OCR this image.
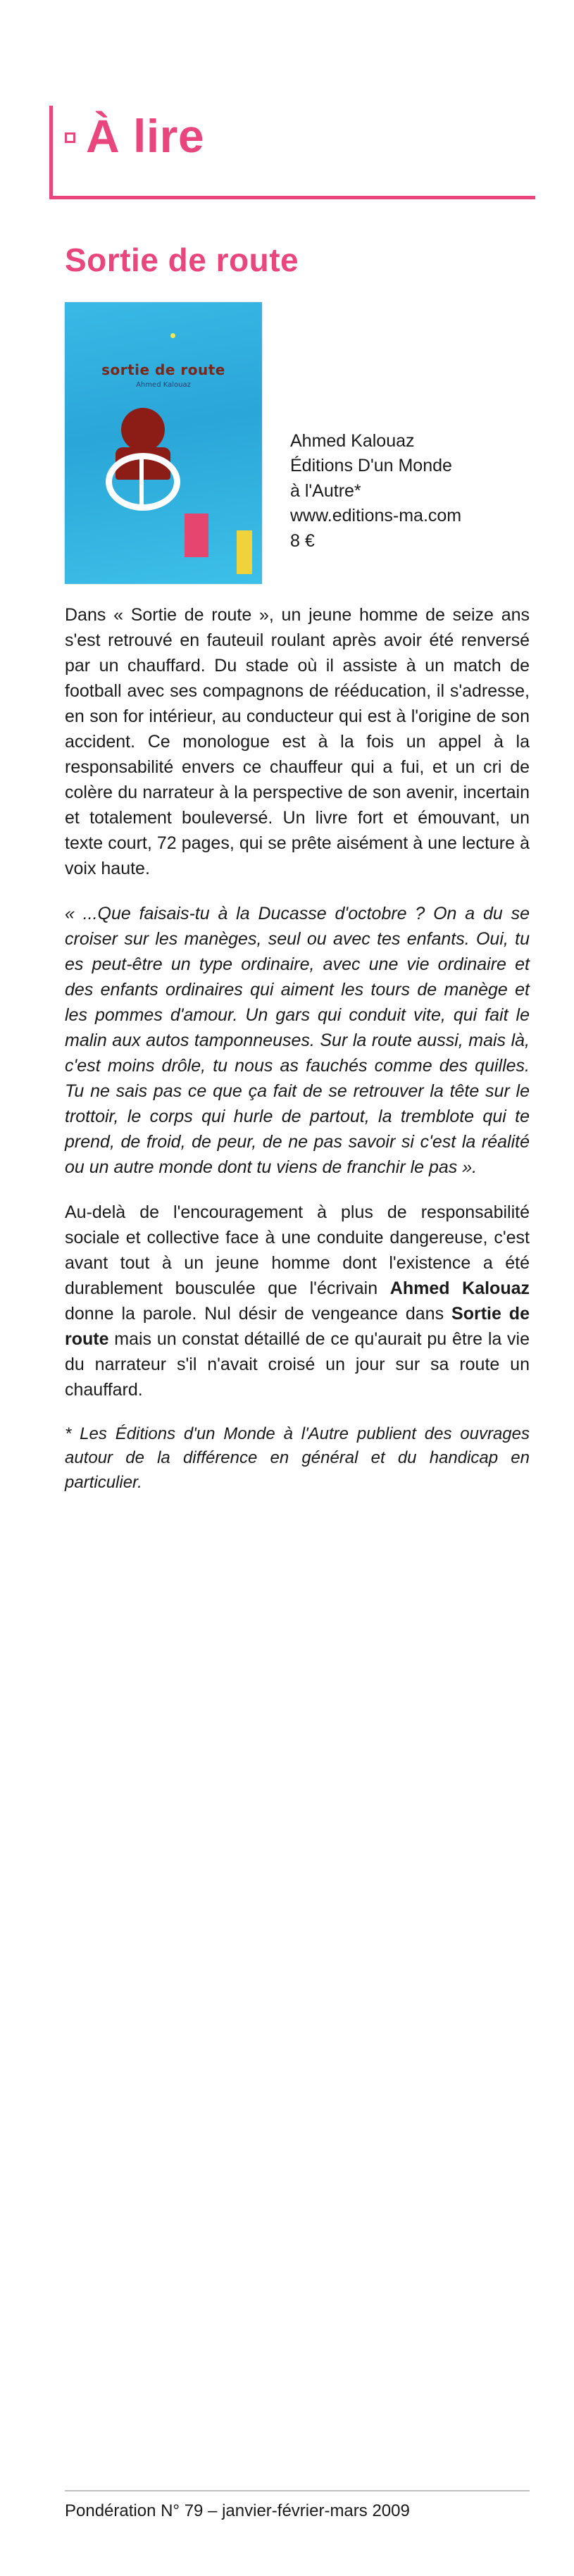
À lire
Sortie de route
sortie de route
Ahmed Kalouaz
Ahmed Kalouaz
Éditions D'un Monde
à l'Autre*
www.editions-ma.com
8 €

Dans « Sortie de route », un jeune homme de seize ans s'est retrouvé en fauteuil roulant après avoir été renversé par un chauffard. Du stade où il assiste à un match de football avec ses compagnons de rééducation, il s'adresse, en son for intérieur, au conducteur qui est à l'origine de son accident. Ce monologue est à la fois un appel à la responsabilité envers ce chauffeur qui a fui, et un cri de colère du narrateur à la perspective de son avenir, incertain et totalement bouleversé. Un livre fort et émouvant, un texte court, 72 pages, qui se prête aisément à une lecture à voix haute.

« ...Que faisais-tu à la Ducasse d'octobre ? On a du se croiser sur les manèges, seul ou avec tes enfants. Oui, tu es peut-être un type ordinaire, avec une vie ordinaire et des enfants ordinaires qui aiment les tours de manège et les pommes d'amour. Un gars qui conduit vite, qui fait le malin aux autos tamponneuses. Sur la route aussi, mais là, c'est moins drôle, tu nous as fauchés comme des quilles. Tu ne sais pas ce que ça fait de se retrouver la tête sur le trottoir, le corps qui hurle de partout, la tremblote qui te prend, de froid, de peur, de ne pas savoir si c'est la réalité ou un autre monde dont tu viens de franchir le pas ».

Au-delà de l'encouragement à plus de responsabilité sociale et collective face à une conduite dangereuse, c'est avant tout à un jeune homme dont l'existence a été durablement bousculée que l'écrivain Ahmed Kalouaz donne la parole. Nul désir de vengeance dans Sortie de route mais un constat détaillé de ce qu'aurait pu être la vie du narrateur s'il n'avait croisé un jour sur sa route un chauffard.

* Les Éditions d'un Monde à l'Autre publient des ouvrages autour de la différence en général et du handicap en particulier.

Pondération N° 79 – janvier-février-mars 2009
